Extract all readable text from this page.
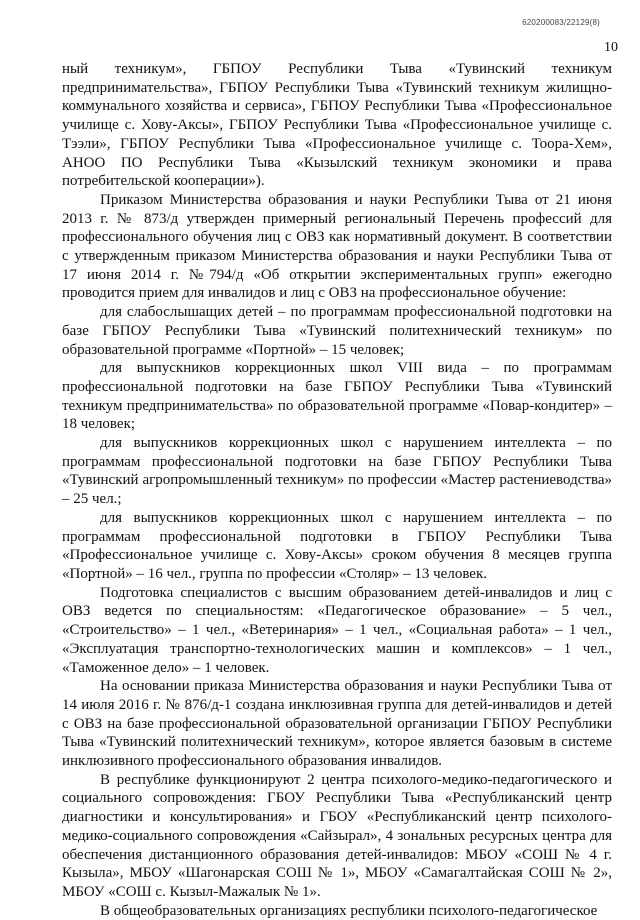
620200083/22129(8)
10

ный техникум», ГБПОУ Республики Тыва «Тувинский техникум предпринимательства», ГБПОУ Республики Тыва «Тувинский техникум жилищно-коммунального хозяйства и сервиса», ГБПОУ Республики Тыва «Профессиональное училище с. Хову-Аксы», ГБПОУ Республики Тыва «Профессиональное училище с. Тээли», ГБПОУ Республики Тыва «Профессиональное училище с. Тоора-Хем», АНОО ПО Республики Тыва «Кызылский техникум экономики и права потребительской кооперации»).

Приказом Министерства образования и науки Республики Тыва от 21 июня 2013 г. № 873/д утвержден примерный региональный Перечень профессий для профессионального обучения лиц с ОВЗ как нормативный документ. В соответствии с утвержденным приказом Министерства образования и науки Республики Тыва от 17 июня 2014 г. №794/д «Об открытии экспериментальных групп» ежегодно проводится прием для инвалидов и лиц с ОВЗ на профессиональное обучение:

для слабослышащих детей – по программам профессиональной подготовки на базе ГБПОУ Республики Тыва «Тувинский политехнический техникум» по образовательной программе «Портной» – 15 человек;

для выпускников коррекционных школ VIII вида – по программам профессиональной подготовки на базе ГБПОУ Республики Тыва «Тувинский техникум предпринимательства» по образовательной программе «Повар-кондитер» – 18 человек;

для выпускников коррекционных школ с нарушением интеллекта – по программам профессиональной подготовки на базе ГБПОУ Республики Тыва «Тувинский агропромышленный техникум» по профессии «Мастер растениеводства» – 25 чел.;

для выпускников коррекционных школ с нарушением интеллекта – по программам профессиональной подготовки в ГБПОУ Республики Тыва «Профессиональное училище с. Хову-Аксы» сроком обучения 8 месяцев группа «Портной» – 16 чел., группа по профессии «Столяр» – 13 человек.

Подготовка специалистов с высшим образованием детей-инвалидов и лиц с ОВЗ ведется по специальностям: «Педагогическое образование» – 5 чел., «Строительство» – 1 чел., «Ветеринария» – 1 чел., «Социальная работа» – 1 чел., «Эксплуатация транспортно-технологических машин и комплексов» – 1 чел., «Таможенное дело» – 1 человек.

На основании приказа Министерства образования и науки Республики Тыва от 14 июля 2016 г. № 876/д-1 создана инклюзивная группа для детей-инвалидов и детей с ОВЗ на базе профессиональной образовательной организации ГБПОУ Республики Тыва «Тувинский политехнический техникум», которое является базовым в системе инклюзивного профессионального образования инвалидов.

В республике функционируют 2 центра психолого-медико-педагогического и социального сопровождения: ГБОУ Республики Тыва «Республиканский центр диагностики и консультирования» и ГБОУ «Республиканский центр психолого-медико-социального сопровождения «Сайзырал», 4 зональных ресурсных центра для обеспечения дистанционного образования детей-инвалидов: МБОУ «СОШ № 4 г. Кызыла», МБОУ «Шагонарская СОШ № 1», МБОУ «Самагалтайская СОШ № 2», МБОУ «СОШ с. Кызыл-Мажалык № 1».

В общеобразовательных организациях республики психолого-педагогическое
